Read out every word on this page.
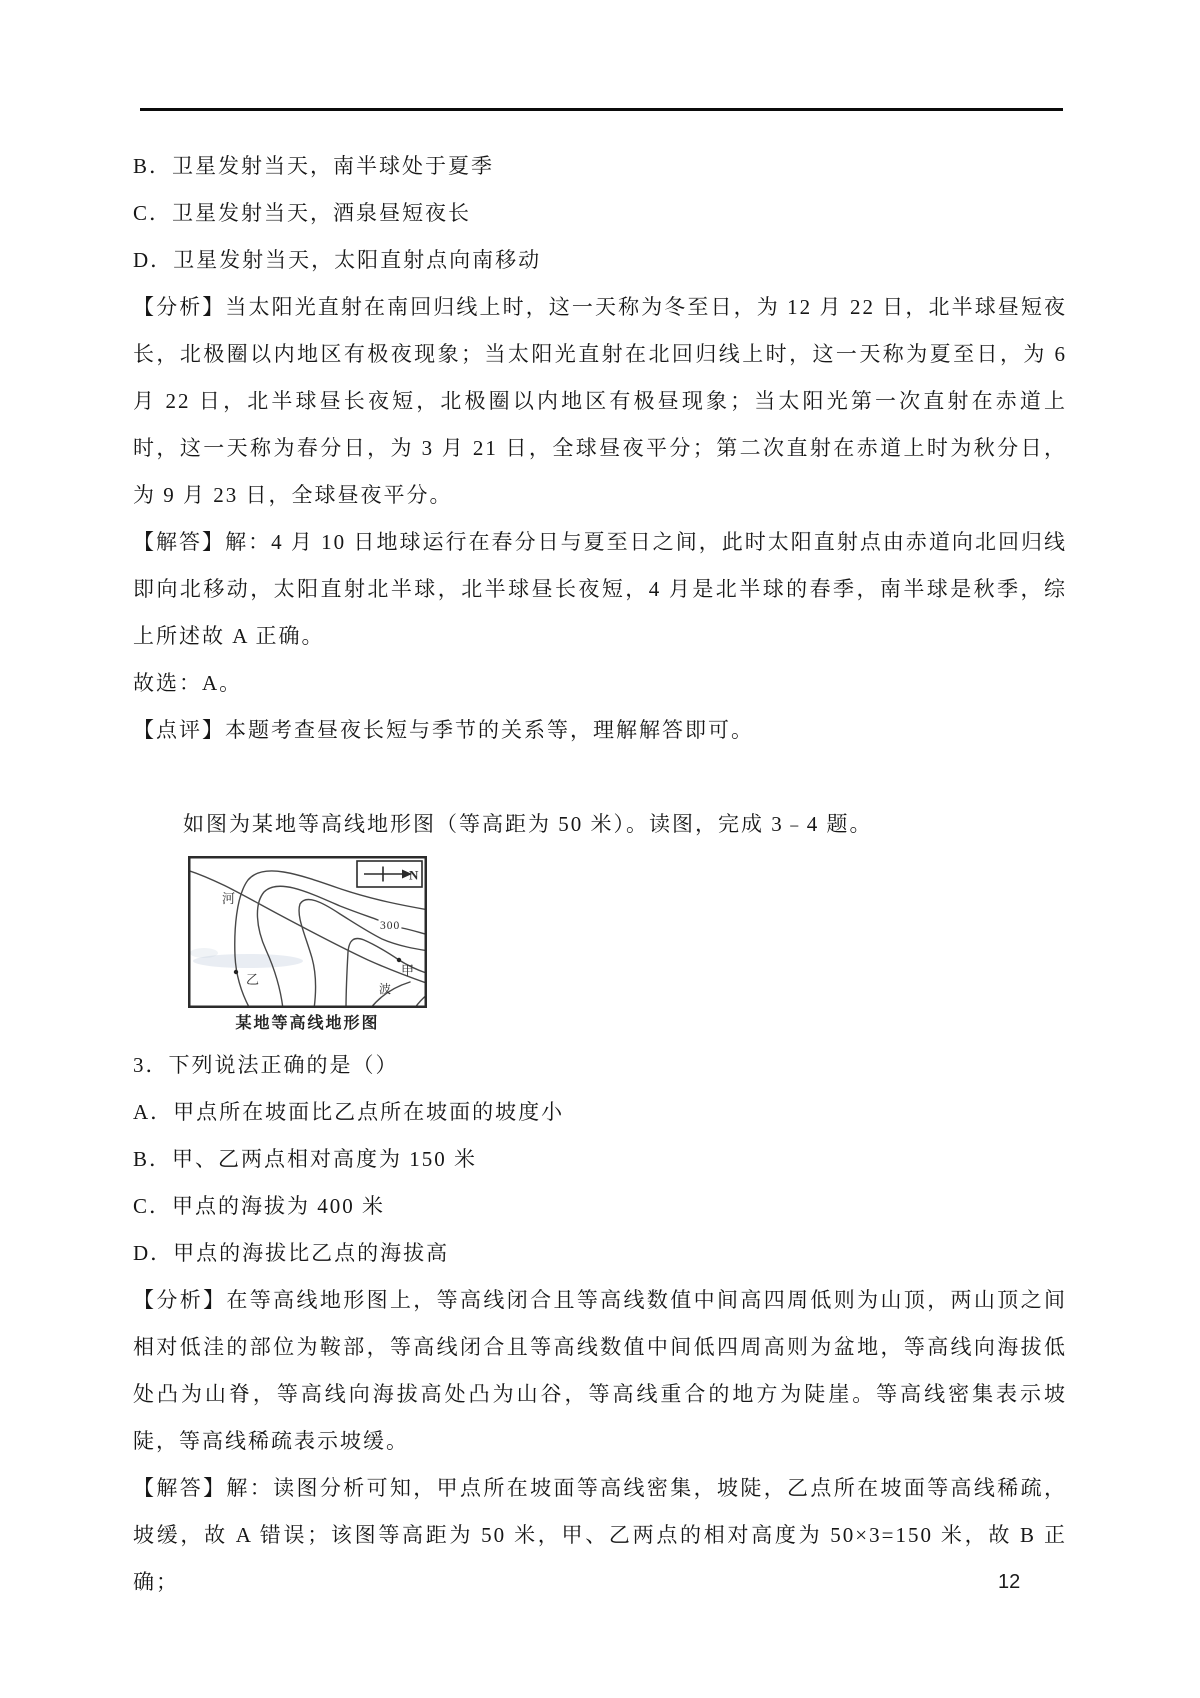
B．卫星发射当天，南半球处于夏季

C．卫星发射当天，酒泉昼短夜长

D．卫星发射当天，太阳直射点向南移动

【分析】当太阳光直射在南回归线上时，这一天称为冬至日，为 12 月 22 日，北半球昼短夜长，北极圈以内地区有极夜现象；当太阳光直射在北回归线上时，这一天称为夏至日，为 6 月 22 日，北半球昼长夜短，北极圈以内地区有极昼现象；当太阳光第一次直射在赤道上时，这一天称为春分日，为 3 月 21 日，全球昼夜平分；第二次直射在赤道上时为秋分日，为 9 月 23 日，全球昼夜平分。

【解答】解：4 月 10 日地球运行在春分日与夏至日之间，此时太阳直射点由赤道向北回归线即向北移动，太阳直射北半球，北半球昼长夜短，4 月是北半球的春季，南半球是秋季，综上所述故 A 正确。

故选：A。

【点评】本题考查昼夜长短与季节的关系等，理解解答即可。

如图为某地等高线地形图（等高距为 50 米）。读图，完成 3﹣4 题。

N
河
300
乙
甲
波
某地等高线地形图

3．下列说法正确的是（）

A．甲点所在坡面比乙点所在坡面的坡度小

B．甲、乙两点相对高度为 150 米

C．甲点的海拔为 400 米

D．甲点的海拔比乙点的海拔高

【分析】在等高线地形图上，等高线闭合且等高线数值中间高四周低则为山顶，两山顶之间相对低洼的部位为鞍部，等高线闭合且等高线数值中间低四周高则为盆地，等高线向海拔低处凸为山脊，等高线向海拔高处凸为山谷，等高线重合的地方为陡崖。等高线密集表示坡陡，等高线稀疏表示坡缓。

【解答】解：读图分析可知，甲点所在坡面等高线密集，坡陡，乙点所在坡面等高线稀疏，坡缓，故 A 错误；该图等高距为 50 米，甲、乙两点的相对高度为 50×3=150 米，故 B 正确；	12
